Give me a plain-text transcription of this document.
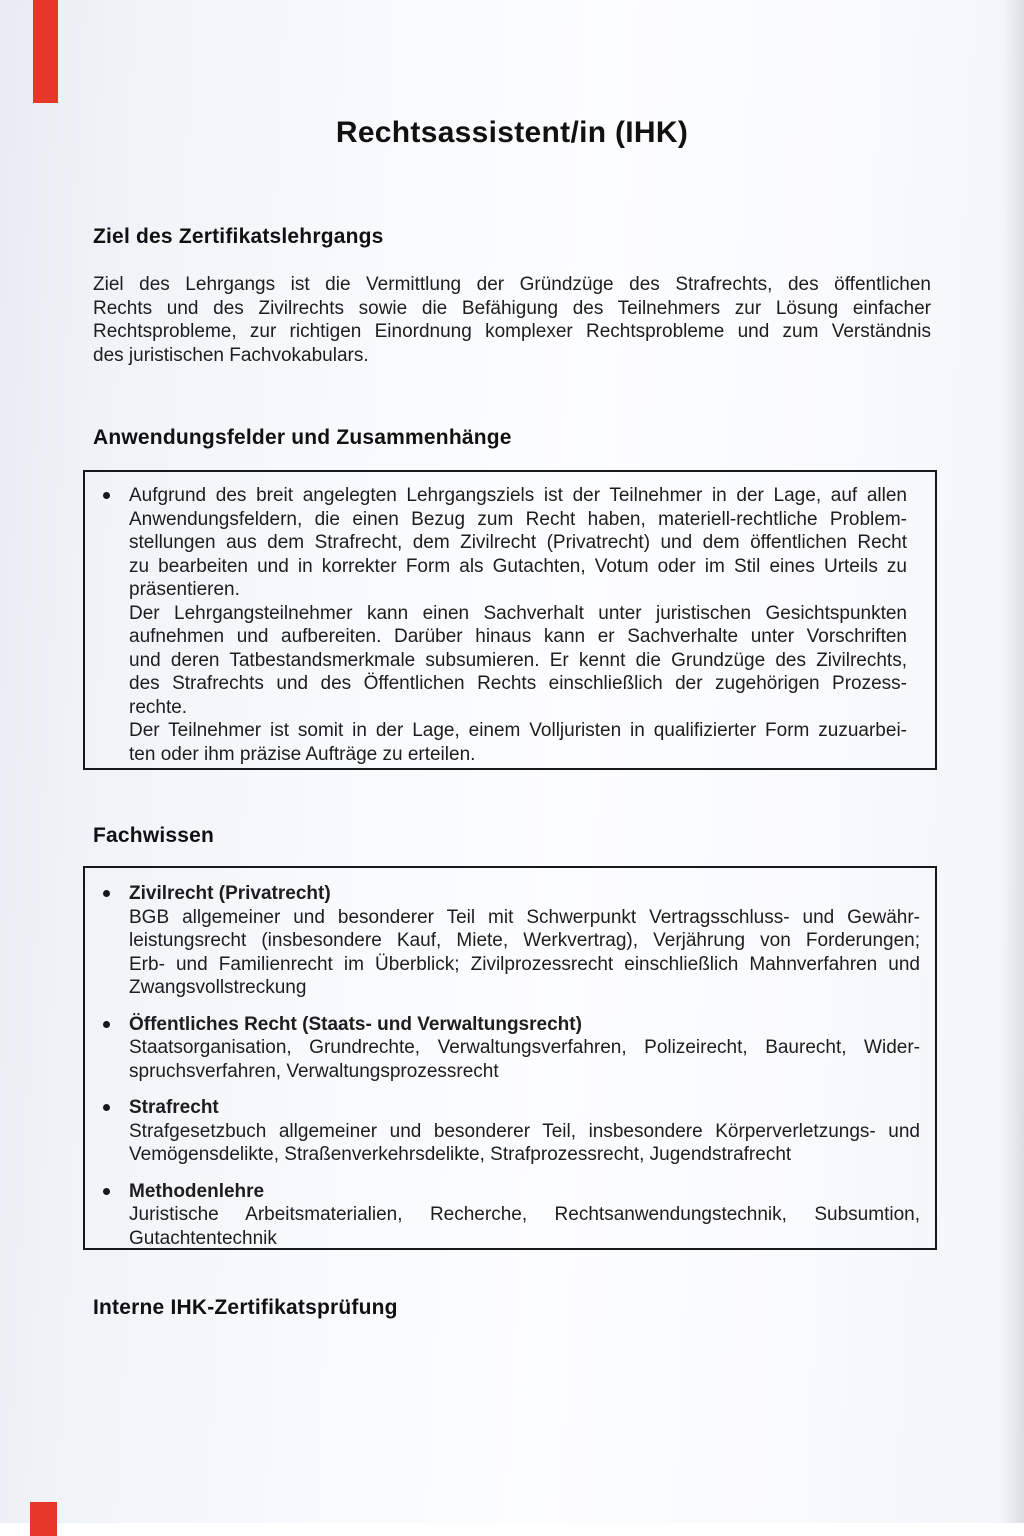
Rechtsassistent/in (IHK)
Ziel des Zertifikatslehrgangs
Ziel des Lehrgangs ist die Vermittlung der Gründzüge des Strafrechts, des öffentlichen
Rechts und des Zivilrechts sowie die Befähigung des Teilnehmers zur Lösung einfacher
Rechtsprobleme, zur richtigen Einordnung komplexer Rechtsprobleme und zum Verständnis
des juristischen Fachvokabulars.
Anwendungsfelder und Zusammenhänge
Aufgrund des breit angelegten Lehrgangsziels ist der Teilnehmer in der Lage, auf allen
Anwendungsfeldern, die einen Bezug zum Recht haben, materiell-rechtliche Problem-
stellungen aus dem Strafrecht, dem Zivilrecht (Privatrecht) und dem öffentlichen Recht
zu bearbeiten und in korrekter Form als Gutachten, Votum oder im Stil eines Urteils zu
präsentieren.
Der Lehrgangsteilnehmer kann einen Sachverhalt unter juristischen Gesichtspunkten
aufnehmen und aufbereiten. Darüber hinaus kann er Sachverhalte unter Vorschriften
und deren Tatbestandsmerkmale subsumieren. Er kennt die Grundzüge des Zivilrechts,
des Strafrechts und des Öffentlichen Rechts einschließlich der zugehörigen Prozess-
rechte.
Der Teilnehmer ist somit in der Lage, einem Volljuristen in qualifizierter Form zuzuarbei-
ten oder ihm präzise Aufträge zu erteilen.
Fachwissen
Zivilrecht (Privatrecht)
BGB allgemeiner und besonderer Teil mit Schwerpunkt Vertragsschluss- und Gewähr-
leistungsrecht (insbesondere Kauf, Miete, Werkvertrag), Verjährung von Forderungen;
Erb- und Familienrecht im Überblick; Zivilprozessrecht einschließlich Mahnverfahren und
Zwangsvollstreckung
Öffentliches Recht (Staats- und Verwaltungsrecht)
Staatsorganisation, Grundrechte, Verwaltungsverfahren, Polizeirecht, Baurecht, Wider-
spruchsverfahren, Verwaltungsprozessrecht
Strafrecht
Strafgesetzbuch allgemeiner und besonderer Teil, insbesondere Körperverletzungs- und
Vemögensdelikte, Straßenverkehrsdelikte, Strafprozessrecht, Jugendstrafrecht
Methodenlehre
Juristische Arbeitsmaterialien, Recherche, Rechtsanwendungstechnik, Subsumtion,
Gutachtentechnik
Interne IHK-Zertifikatsprüfung
